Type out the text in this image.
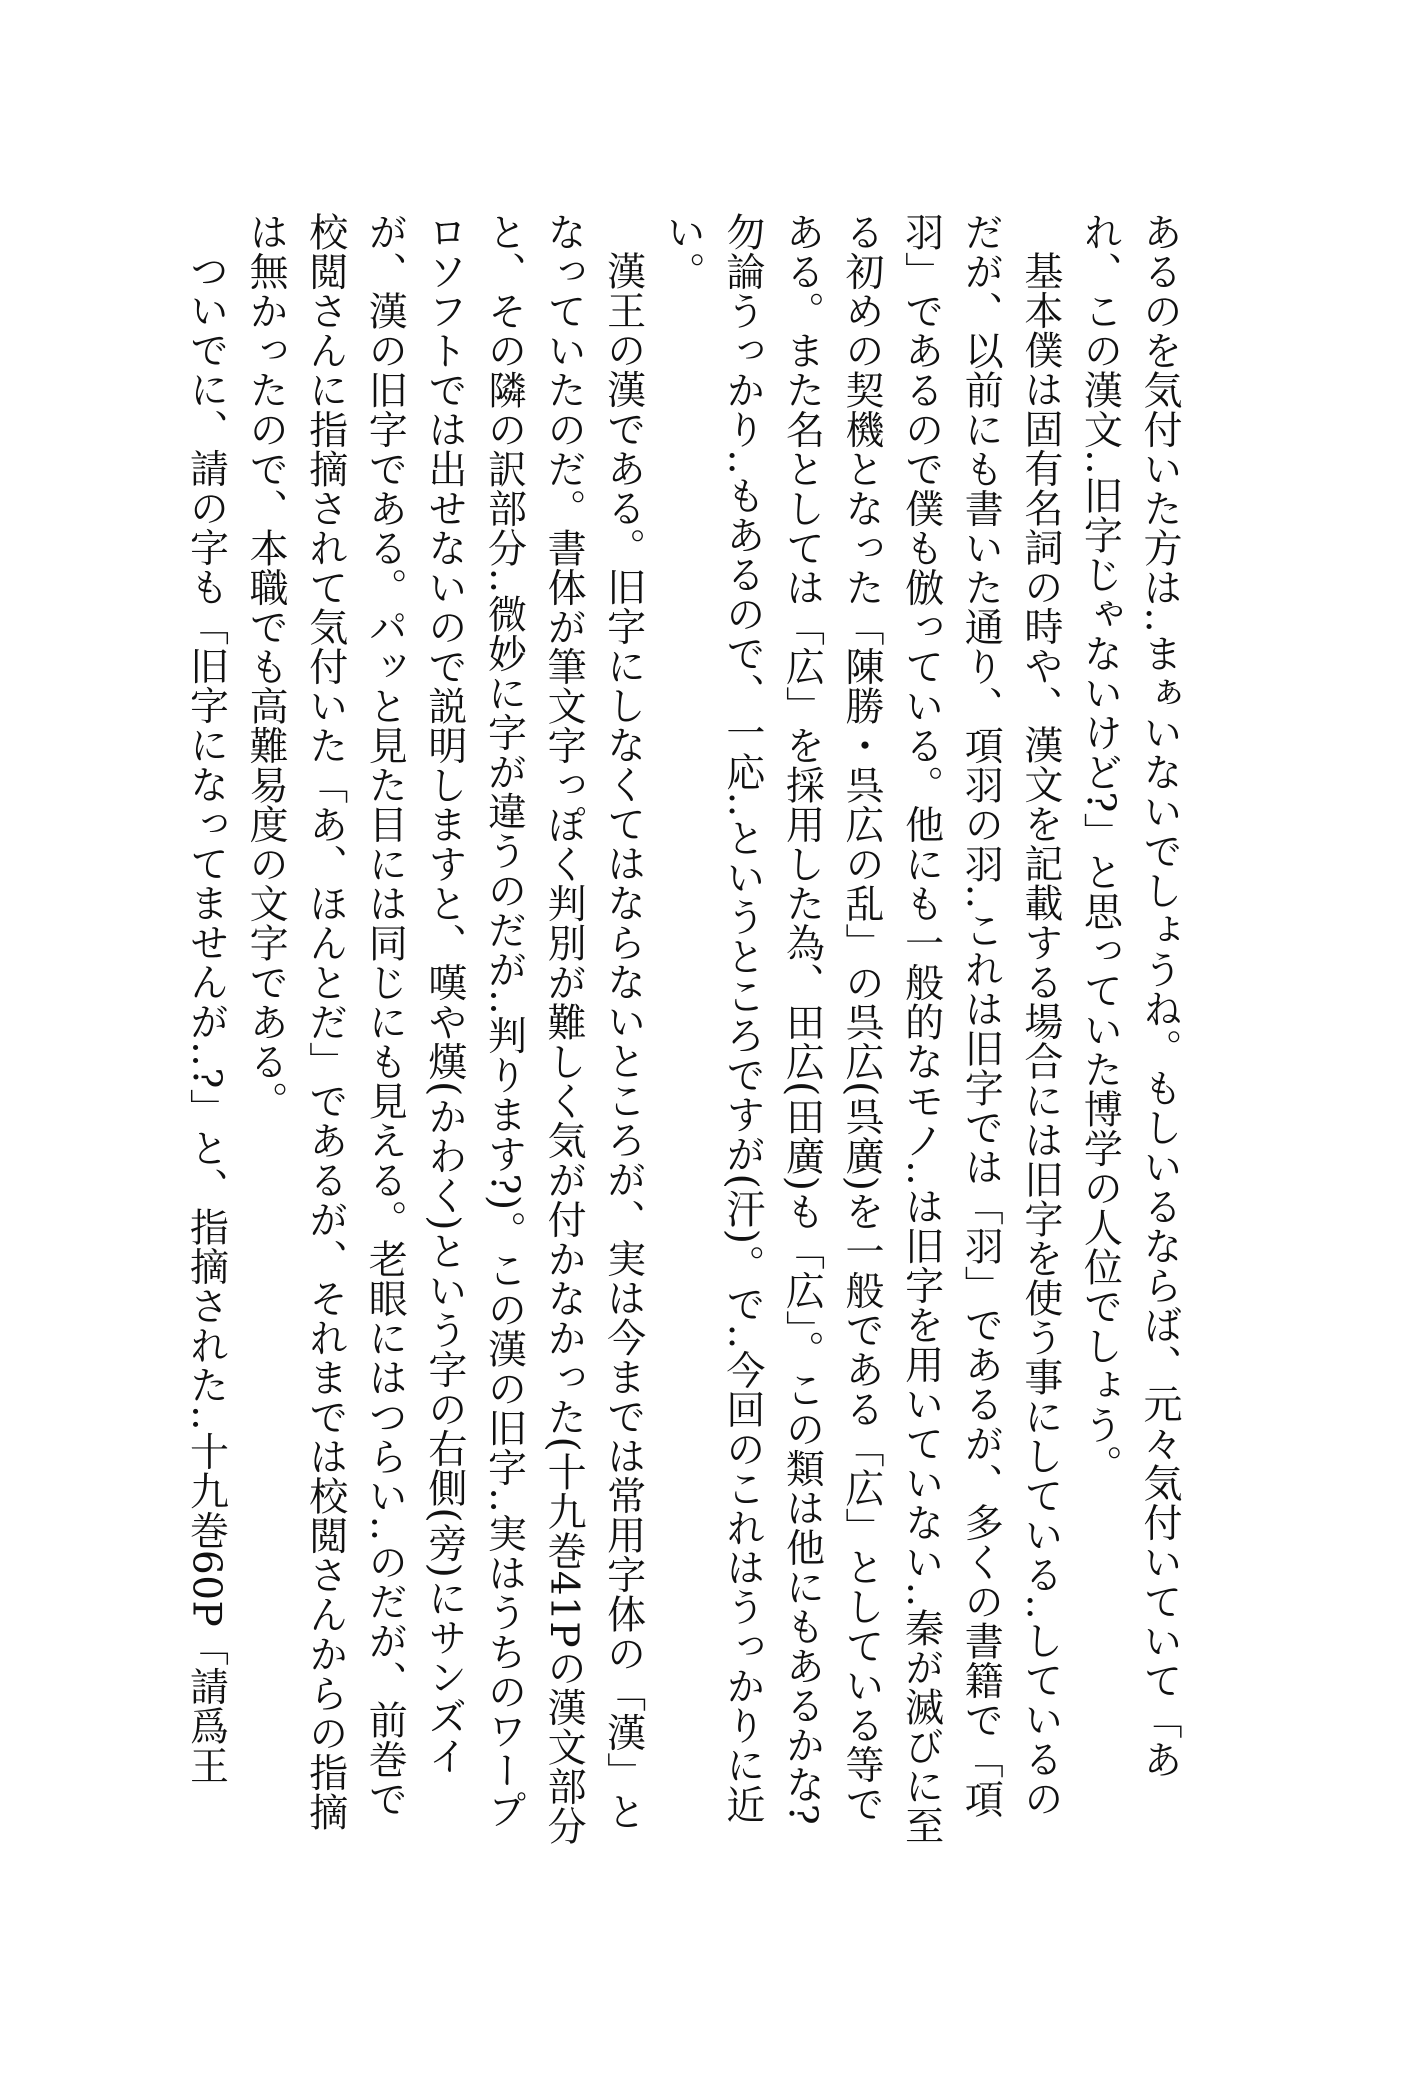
あるのを気付いた方は‥まぁいないでしょうね。もしいるならば、元々気付いていて「あれ、この漢文‥旧字じゃないけど?」と思っていた博学の人位でしょう。

基本僕は固有名詞の時や、漢文を記載する場合には旧字を使う事にしている‥しているのだが、以前にも書いた通り、項羽の羽‥これは旧字では「羽」であるが、多くの書籍で「項羽」であるので僕も倣っている。他にも一般的なモノ‥は旧字を用いていない‥秦が滅びに至る初めの契機となった「陳勝・呉広の乱」の呉広(呉廣)を一般である「広」としている等である。また名としては「広」を採用した為、田広(田廣)も「広」。この類は他にもあるかな?勿論うっかり‥もあるので、一応‥というところですが(汗)。で‥今回のこれはうっかりに近い。

漢王の漢である。旧字にしなくてはならないところが、実は今までは常用字体の「漢」となっていたのだ。書体が筆文字っぽく判別が難しく気が付かなかった(十九巻41Pの漢文部分と、その隣の訳部分‥微妙に字が違うのだが‥判ります?)。この漢の旧字‥実はうちのワープロソフトでは出せないので説明しますと、嘆や熯(かわく)という字の右側(旁)にサンズイが、漢の旧字である。パッと見た目には同じにも見える。老眼にはつらい‥のだが、前巻で校閲さんに指摘されて気付いた「あ、ほんとだ」であるが、それまでは校閲さんからの指摘は無かったので、本職でも高難易度の文字である。

ついでに、請の字も「旧字になってませんが‥?」と、指摘された‥十九巻60P「請爲王
